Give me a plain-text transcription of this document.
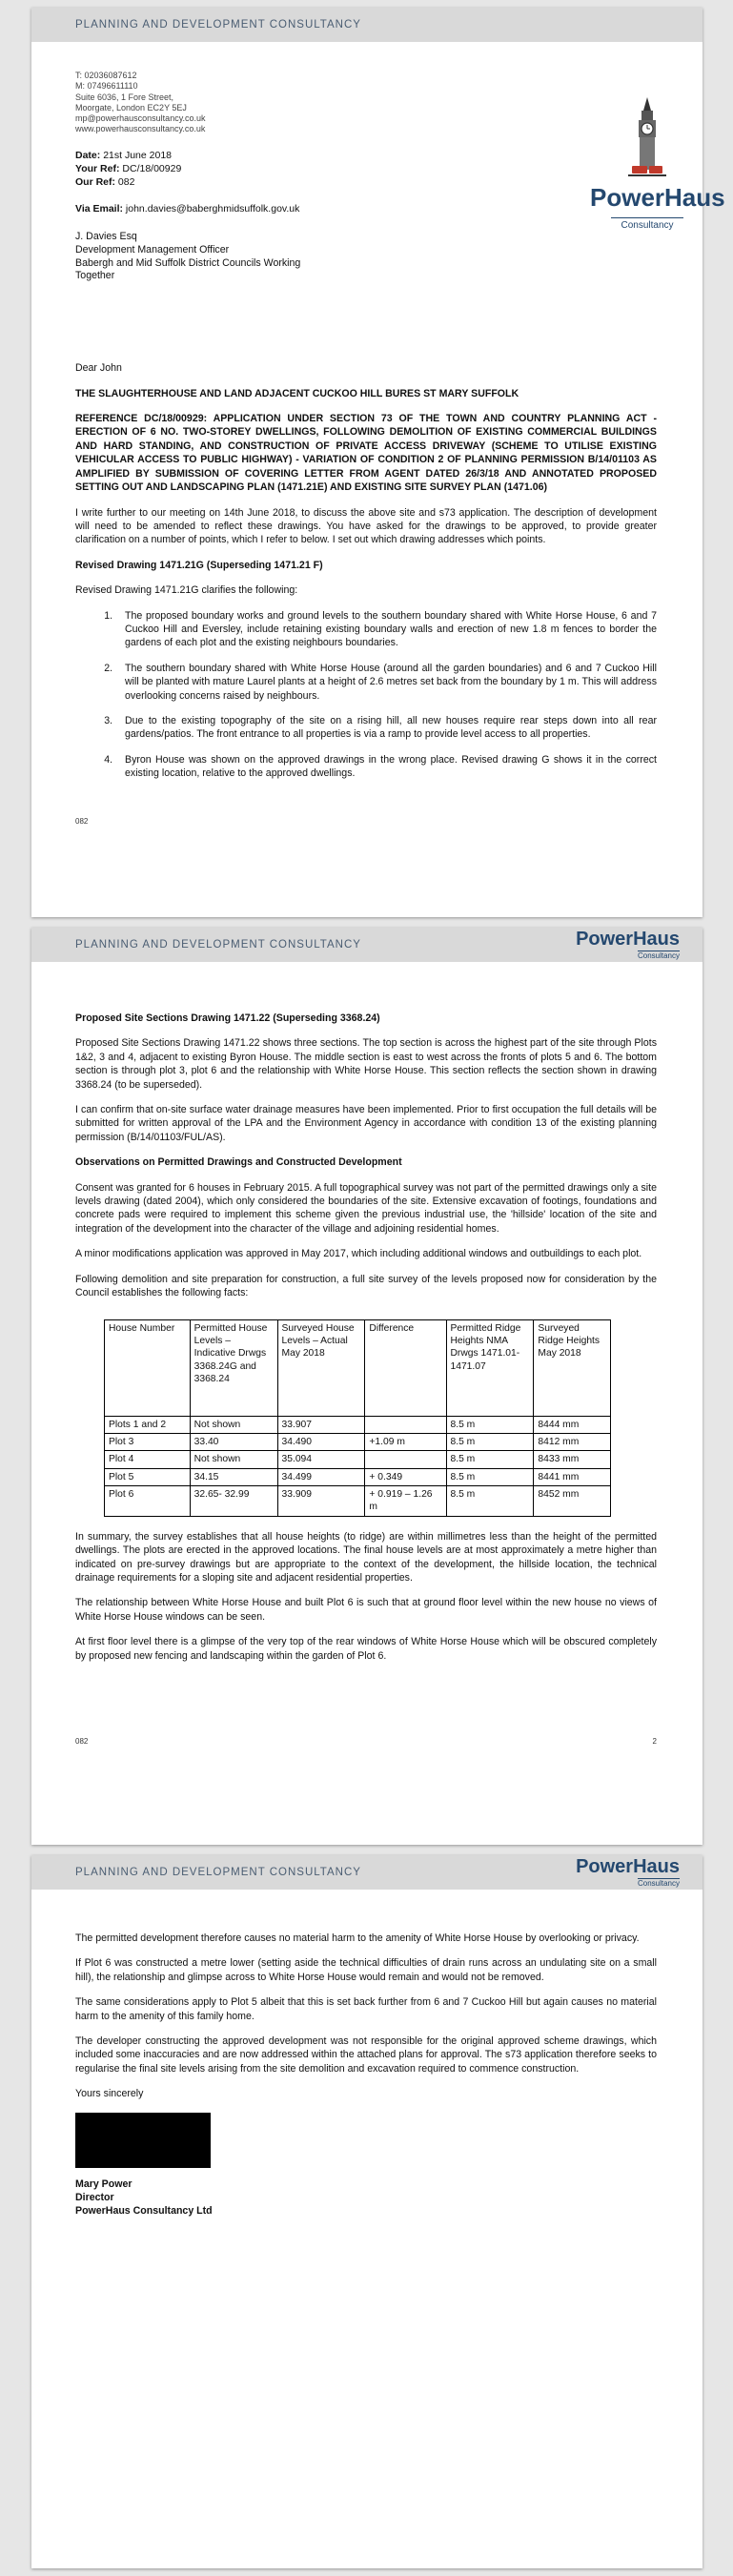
PLANNING AND DEVELOPMENT CONSULTANCY
PowerHaus
Consultancy
T: 02036087612
M: 07496611110
Suite 6036, 1 Fore Street,
Moorgate, London EC2Y 5EJ
mp@powerhausconsultancy.co.uk
www.powerhausconsultancy.co.uk
Date: 21st June 2018
Your Ref: DC/18/00929
Our Ref: 082
Via Email: john.davies@baberghmidsuffolk.gov.uk
J. Davies Esq
Development Management Officer
Babergh and Mid Suffolk District Councils Working
Together

Dear John

THE SLAUGHTERHOUSE AND LAND ADJACENT CUCKOO HILL BURES ST MARY SUFFOLK

REFERENCE DC/18/00929: APPLICATION UNDER SECTION 73 OF THE TOWN AND COUNTRY PLANNING ACT - ERECTION OF 6 NO. TWO-STOREY DWELLINGS, FOLLOWING DEMOLITION OF EXISTING COMMERCIAL BUILDINGS AND HARD STANDING, AND CONSTRUCTION OF PRIVATE ACCESS DRIVEWAY (SCHEME TO UTILISE EXISTING VEHICULAR ACCESS TO PUBLIC HIGHWAY) - VARIATION OF CONDITION 2 OF PLANNING PERMISSION B/14/01103 AS AMPLIFIED BY SUBMISSION OF COVERING LETTER FROM AGENT DATED 26/3/18 AND ANNOTATED PROPOSED SETTING OUT AND LANDSCAPING PLAN (1471.21E) AND EXISTING SITE SURVEY PLAN (1471.06)

I write further to our meeting on 14th June 2018, to discuss the above site and s73 application. The description of development will need to be amended to reflect these drawings. You have asked for the drawings to be approved, to provide greater clarification on a number of points, which I refer to below. I set out which drawing addresses which points.

Revised Drawing 1471.21G (Superseding 1471.21 F)

Revised Drawing 1471.21G clarifies the following:

1. The proposed boundary works and ground levels to the southern boundary shared with White Horse House, 6 and 7 Cuckoo Hill and Eversley, include retaining existing boundary walls and erection of new 1.8 m fences to border the gardens of each plot and the existing neighbours boundaries.
2. The southern boundary shared with White Horse House (around all the garden boundaries) and 6 and 7 Cuckoo Hill will be planted with mature Laurel plants at a height of 2.6 metres set back from the boundary by 1 m. This will address overlooking concerns raised by neighbours.
3. Due to the existing topography of the site on a rising hill, all new houses require rear steps down into all rear gardens/patios. The front entrance to all properties is via a ramp to provide level access to all properties.
4. Byron House was shown on the approved drawings in the wrong place. Revised drawing G shows it in the correct existing location, relative to the approved dwellings.
082
PLANNING AND DEVELOPMENT CONSULTANCY	PowerHaus
Consultancy

Proposed Site Sections Drawing 1471.22 (Superseding 3368.24)

Proposed Site Sections Drawing 1471.22 shows three sections. The top section is across the highest part of the site through Plots 1&2, 3 and 4, adjacent to existing Byron House. The middle section is east to west across the fronts of plots 5 and 6. The bottom section is through plot 3, plot 6 and the relationship with White Horse House. This section reflects the section shown in drawing 3368.24 (to be superseded).

I can confirm that on-site surface water drainage measures have been implemented. Prior to first occupation the full details will be submitted for written approval of the LPA and the Environment Agency in accordance with condition 13 of the existing planning permission (B/14/01103/FUL/AS).

Observations on Permitted Drawings and Constructed Development

Consent was granted for 6 houses in February 2015. A full topographical survey was not part of the permitted drawings only a site levels drawing (dated 2004), which only considered the boundaries of the site. Extensive excavation of footings, foundations and concrete pads were required to implement this scheme given the previous industrial use, the 'hillside' location of the site and integration of the development into the character of the village and adjoining residential homes.

A minor modifications application was approved in May 2017, which including additional windows and outbuildings to each plot.

Following demolition and site preparation for construction, a full site survey of the levels proposed now for consideration by the Council establishes the following facts:

House Number	Permitted House Levels – Indicative Drwgs 3368.24G and 3368.24	Surveyed House Levels – Actual May 2018	Difference	Permitted Ridge Heights NMA Drwgs 1471.01-1471.07	Surveyed Ridge Heights May 2018
Plots 1 and 2	Not shown	33.907		8.5 m	8444 mm
Plot 3	33.40	34.490	+1.09 m	8.5 m	8412 mm
Plot 4	Not shown	35.094		8.5 m	8433 mm
Plot 5	34.15	34.499	+ 0.349	8.5 m	8441 mm
Plot 6	32.65- 32.99	33.909	+ 0.919 – 1.26 m	8.5 m	8452 mm

In summary, the survey establishes that all house heights (to ridge) are within millimetres less than the height of the permitted dwellings. The plots are erected in the approved locations. The final house levels are at most approximately a metre higher than indicated on pre-survey drawings but are appropriate to the context of the development, the hillside location, the technical drainage requirements for a sloping site and adjacent residential properties.

The relationship between White Horse House and built Plot 6 is such that at ground floor level within the new house no views of White Horse House windows can be seen.

At first floor level there is a glimpse of the very top of the rear windows of White Horse House which will be obscured completely by proposed new fencing and landscaping within the garden of Plot 6.

082	2
PLANNING AND DEVELOPMENT CONSULTANCY	PowerHaus
Consultancy

The permitted development therefore causes no material harm to the amenity of White Horse House by overlooking or privacy.

If Plot 6 was constructed a metre lower (setting aside the technical difficulties of drain runs across an undulating site on a small hill), the relationship and glimpse across to White Horse House would remain and would not be removed.

The same considerations apply to Plot 5 albeit that this is set back further from 6 and 7 Cuckoo Hill but again causes no material harm to the amenity of this family home.

The developer constructing the approved development was not responsible for the original approved scheme drawings, which included some inaccuracies and are now addressed within the attached plans for approval. The s73 application therefore seeks to regularise the final site levels arising from the site demolition and excavation required to commence construction.

Yours sincerely

Mary Power
Director
PowerHaus Consultancy Ltd
